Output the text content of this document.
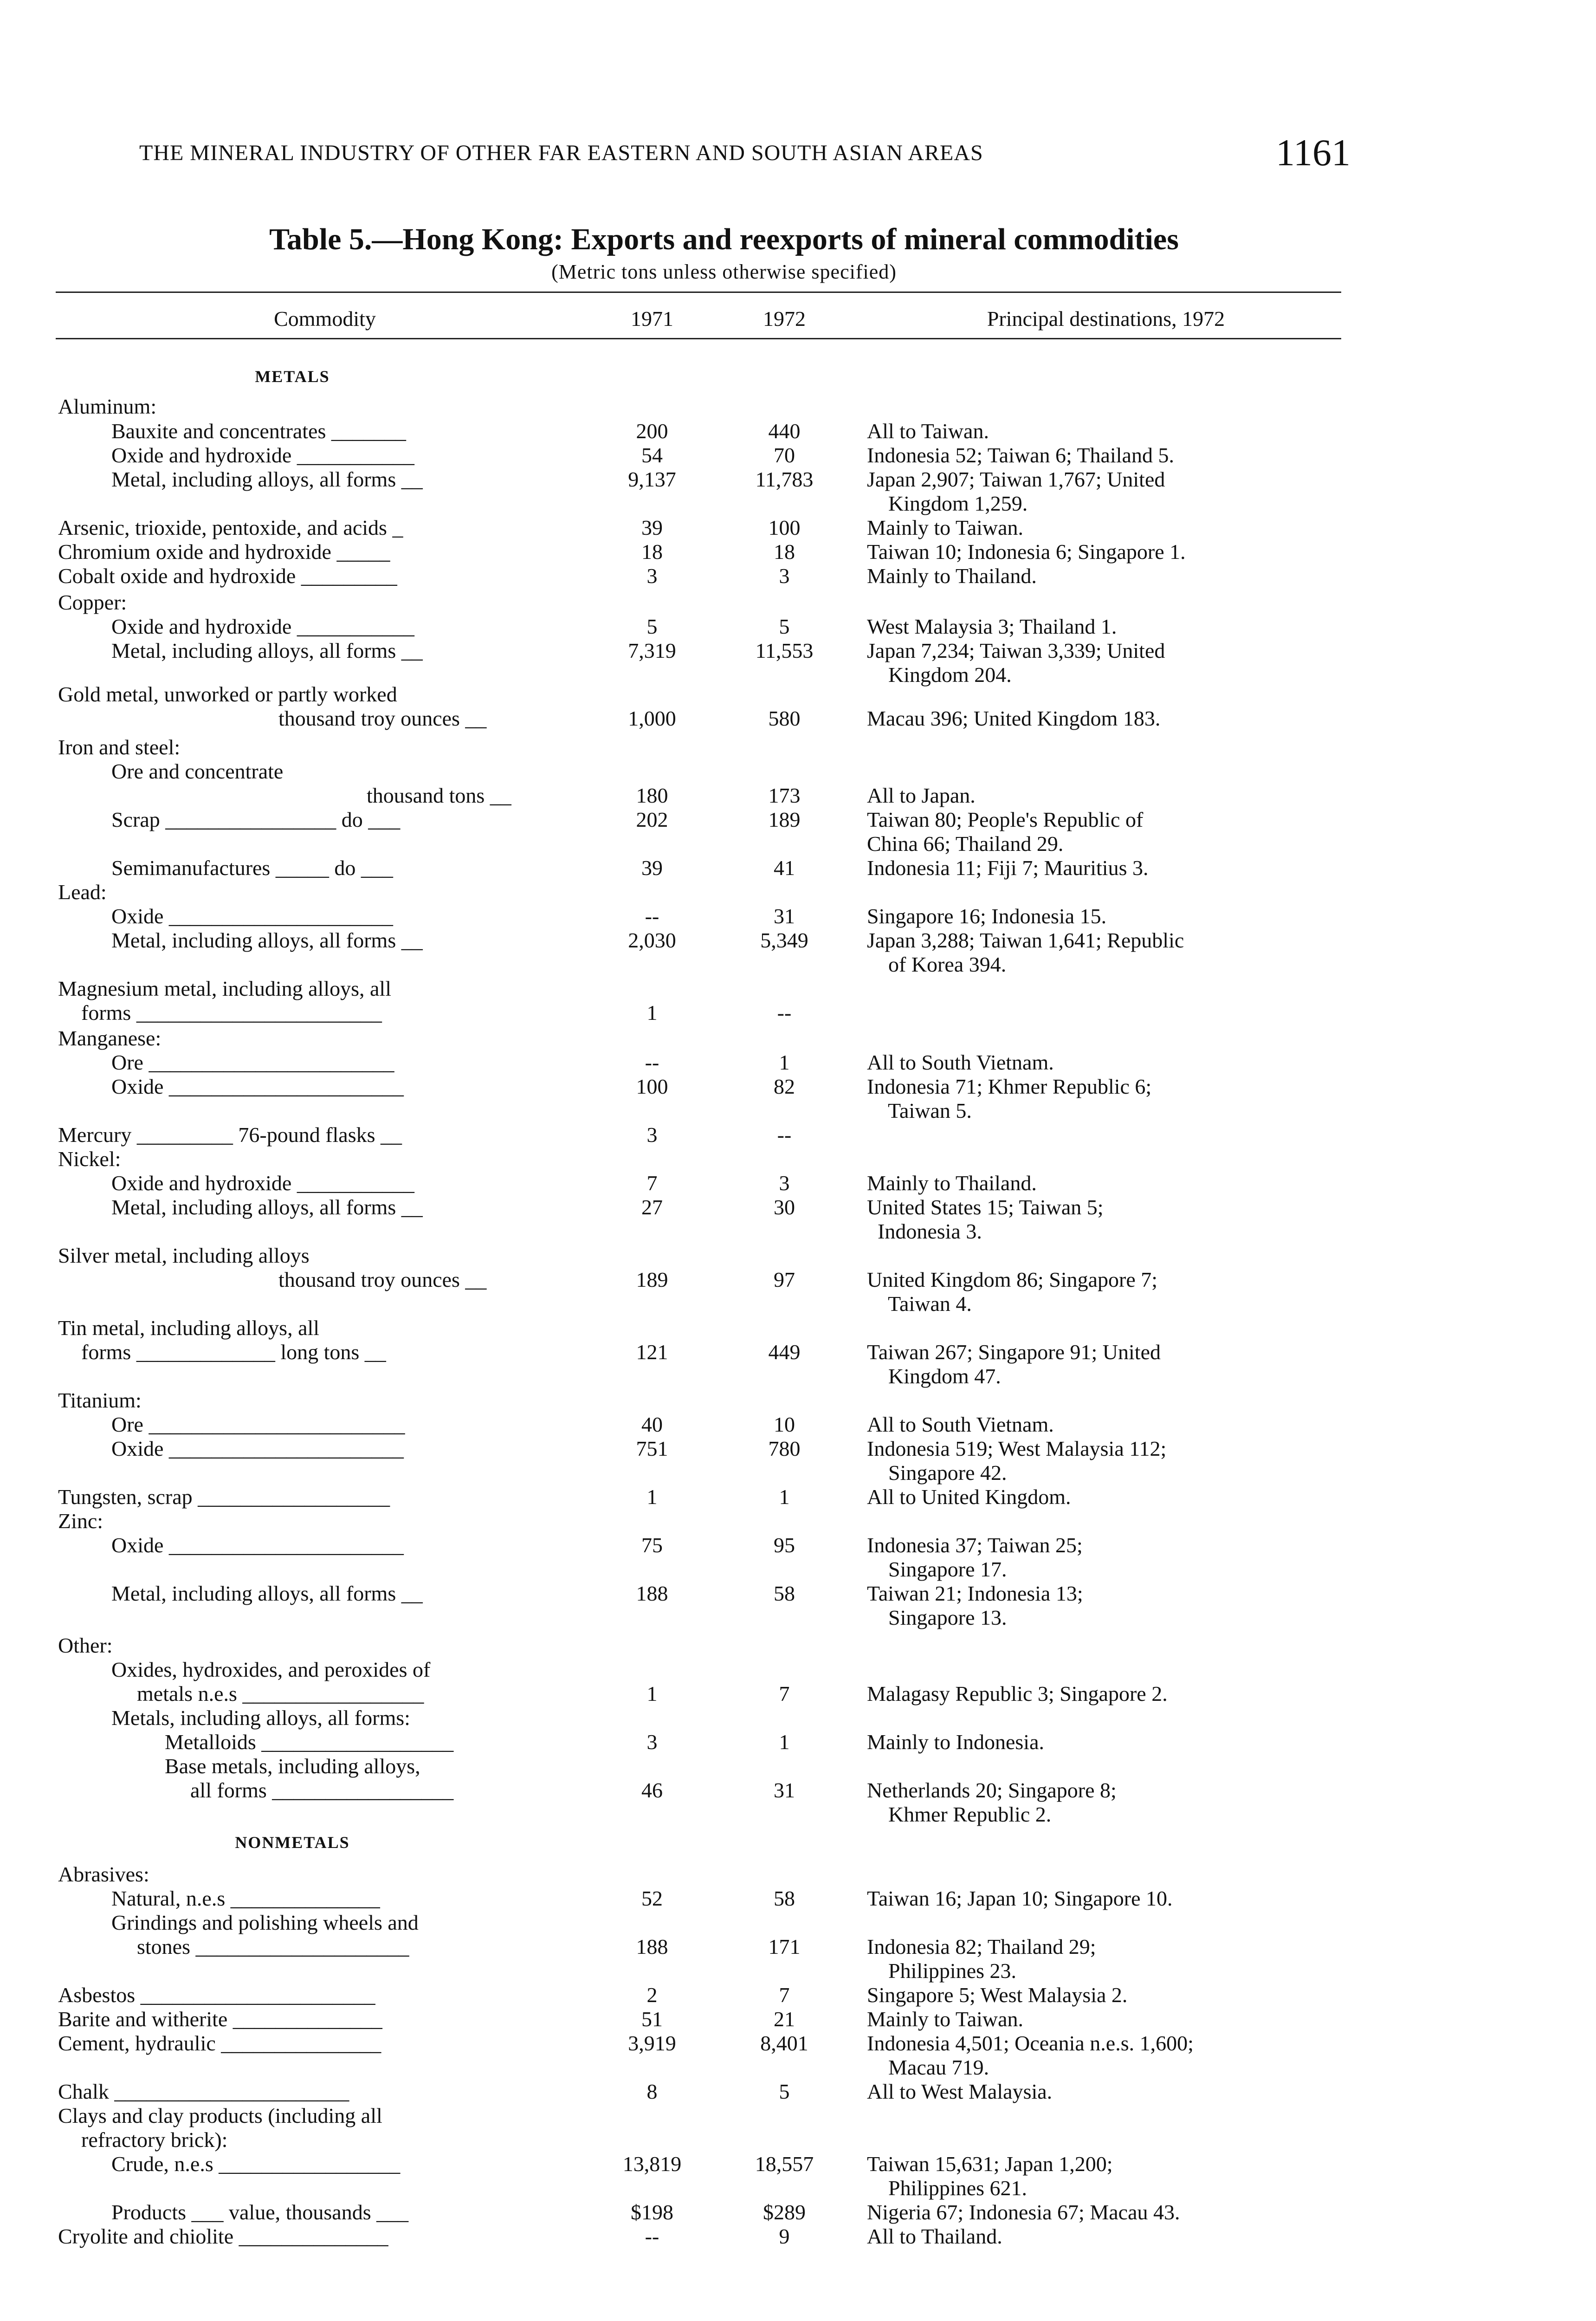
THE MINERAL INDUSTRY OF OTHER FAR EASTERN AND SOUTH ASIAN AREAS	1161
Table 5.—Hong Kong: Exports and reexports of mineral commodities
(Metric tons unless otherwise specified)
Commodity	1971	1972	Principal destinations, 1972
METALS
NONMETALS
Aluminum:
Bauxite and concentrates _______	200	440	All to Taiwan.
Oxide and hydroxide ___________	54	70	Indonesia 52; Taiwan 6; Thailand 5.
Metal, including alloys, all forms __	9,137	11,783	Japan 2,907; Taiwan 1,767; United
Kingdom 1,259.
Arsenic, trioxide, pentoxide, and acids _	39	100	Mainly to Taiwan.
Chromium oxide and hydroxide _____	18	18	Taiwan 10; Indonesia 6; Singapore 1.
Cobalt oxide and hydroxide _________	3	3	Mainly to Thailand.
Copper:
Oxide and hydroxide ___________	5	5	West Malaysia 3; Thailand 1.
Metal, including alloys, all forms __	7,319	11,553	Japan 7,234; Taiwan 3,339; United
Kingdom 204.
Gold metal, unworked or partly worked
thousand troy ounces __	1,000	580	Macau 396; United Kingdom 183.
Iron and steel:
Ore and concentrate
thousand tons __	180	173	All to Japan.
Scrap ________________ do ___	202	189	Taiwan 80; People's Republic of
China 66; Thailand 29.
Semimanufactures _____ do ___	39	41	Indonesia 11; Fiji 7; Mauritius 3.
Lead:
Oxide _____________________	--	31	Singapore 16; Indonesia 15.
Metal, including alloys, all forms __	2,030	5,349	Japan 3,288; Taiwan 1,641; Republic
of Korea 394.
Magnesium metal, including alloys, all
forms _______________________	1	--
Manganese:
Ore _______________________	--	1	All to South Vietnam.
Oxide ______________________	100	82	Indonesia 71; Khmer Republic 6;
Taiwan 5.
Mercury _________ 76-pound flasks __	3	--
Nickel:
Oxide and hydroxide ___________	7	3	Mainly to Thailand.
Metal, including alloys, all forms __	27	30	United States 15; Taiwan 5;
Indonesia 3.
Silver metal, including alloys
thousand troy ounces __	189	97	United Kingdom 86; Singapore 7;
Taiwan 4.
Tin metal, including alloys, all
forms _____________ long tons __	121	449	Taiwan 267; Singapore 91; United
Kingdom 47.
Titanium:
Ore ________________________	40	10	All to South Vietnam.
Oxide ______________________	751	780	Indonesia 519; West Malaysia 112;
Singapore 42.
Tungsten, scrap __________________	1	1	All to United Kingdom.
Zinc:
Oxide ______________________	75	95	Indonesia 37; Taiwan 25;
Singapore 17.
Metal, including alloys, all forms __	188	58	Taiwan 21; Indonesia 13;
Singapore 13.
Other:
Oxides, hydroxides, and peroxides of
metals n.e.s _________________	1	7	Malagasy Republic 3; Singapore 2.
Metals, including alloys, all forms:
Metalloids __________________	3	1	Mainly to Indonesia.
Base metals, including alloys,
all forms _________________	46	31	Netherlands 20; Singapore 8;
Khmer Republic 2.
Abrasives:
Natural, n.e.s ______________	52	58	Taiwan 16; Japan 10; Singapore 10.
Grindings and polishing wheels and
stones ____________________	188	171	Indonesia 82; Thailand 29;
Philippines 23.
Asbestos ______________________	2	7	Singapore 5; West Malaysia 2.
Barite and witherite ______________	51	21	Mainly to Taiwan.
Cement, hydraulic _______________	3,919	8,401	Indonesia 4,501; Oceania n.e.s. 1,600;
Macau 719.
Chalk ______________________	8	5	All to West Malaysia.
Clays and clay products (including all
refractory brick):
Crude, n.e.s _________________	13,819	18,557	Taiwan 15,631; Japan 1,200;
Philippines 621.
Products ___ value, thousands ___	$198	$289	Nigeria 67; Indonesia 67; Macau 43.
Cryolite and chiolite ______________	--	9	All to Thailand.
